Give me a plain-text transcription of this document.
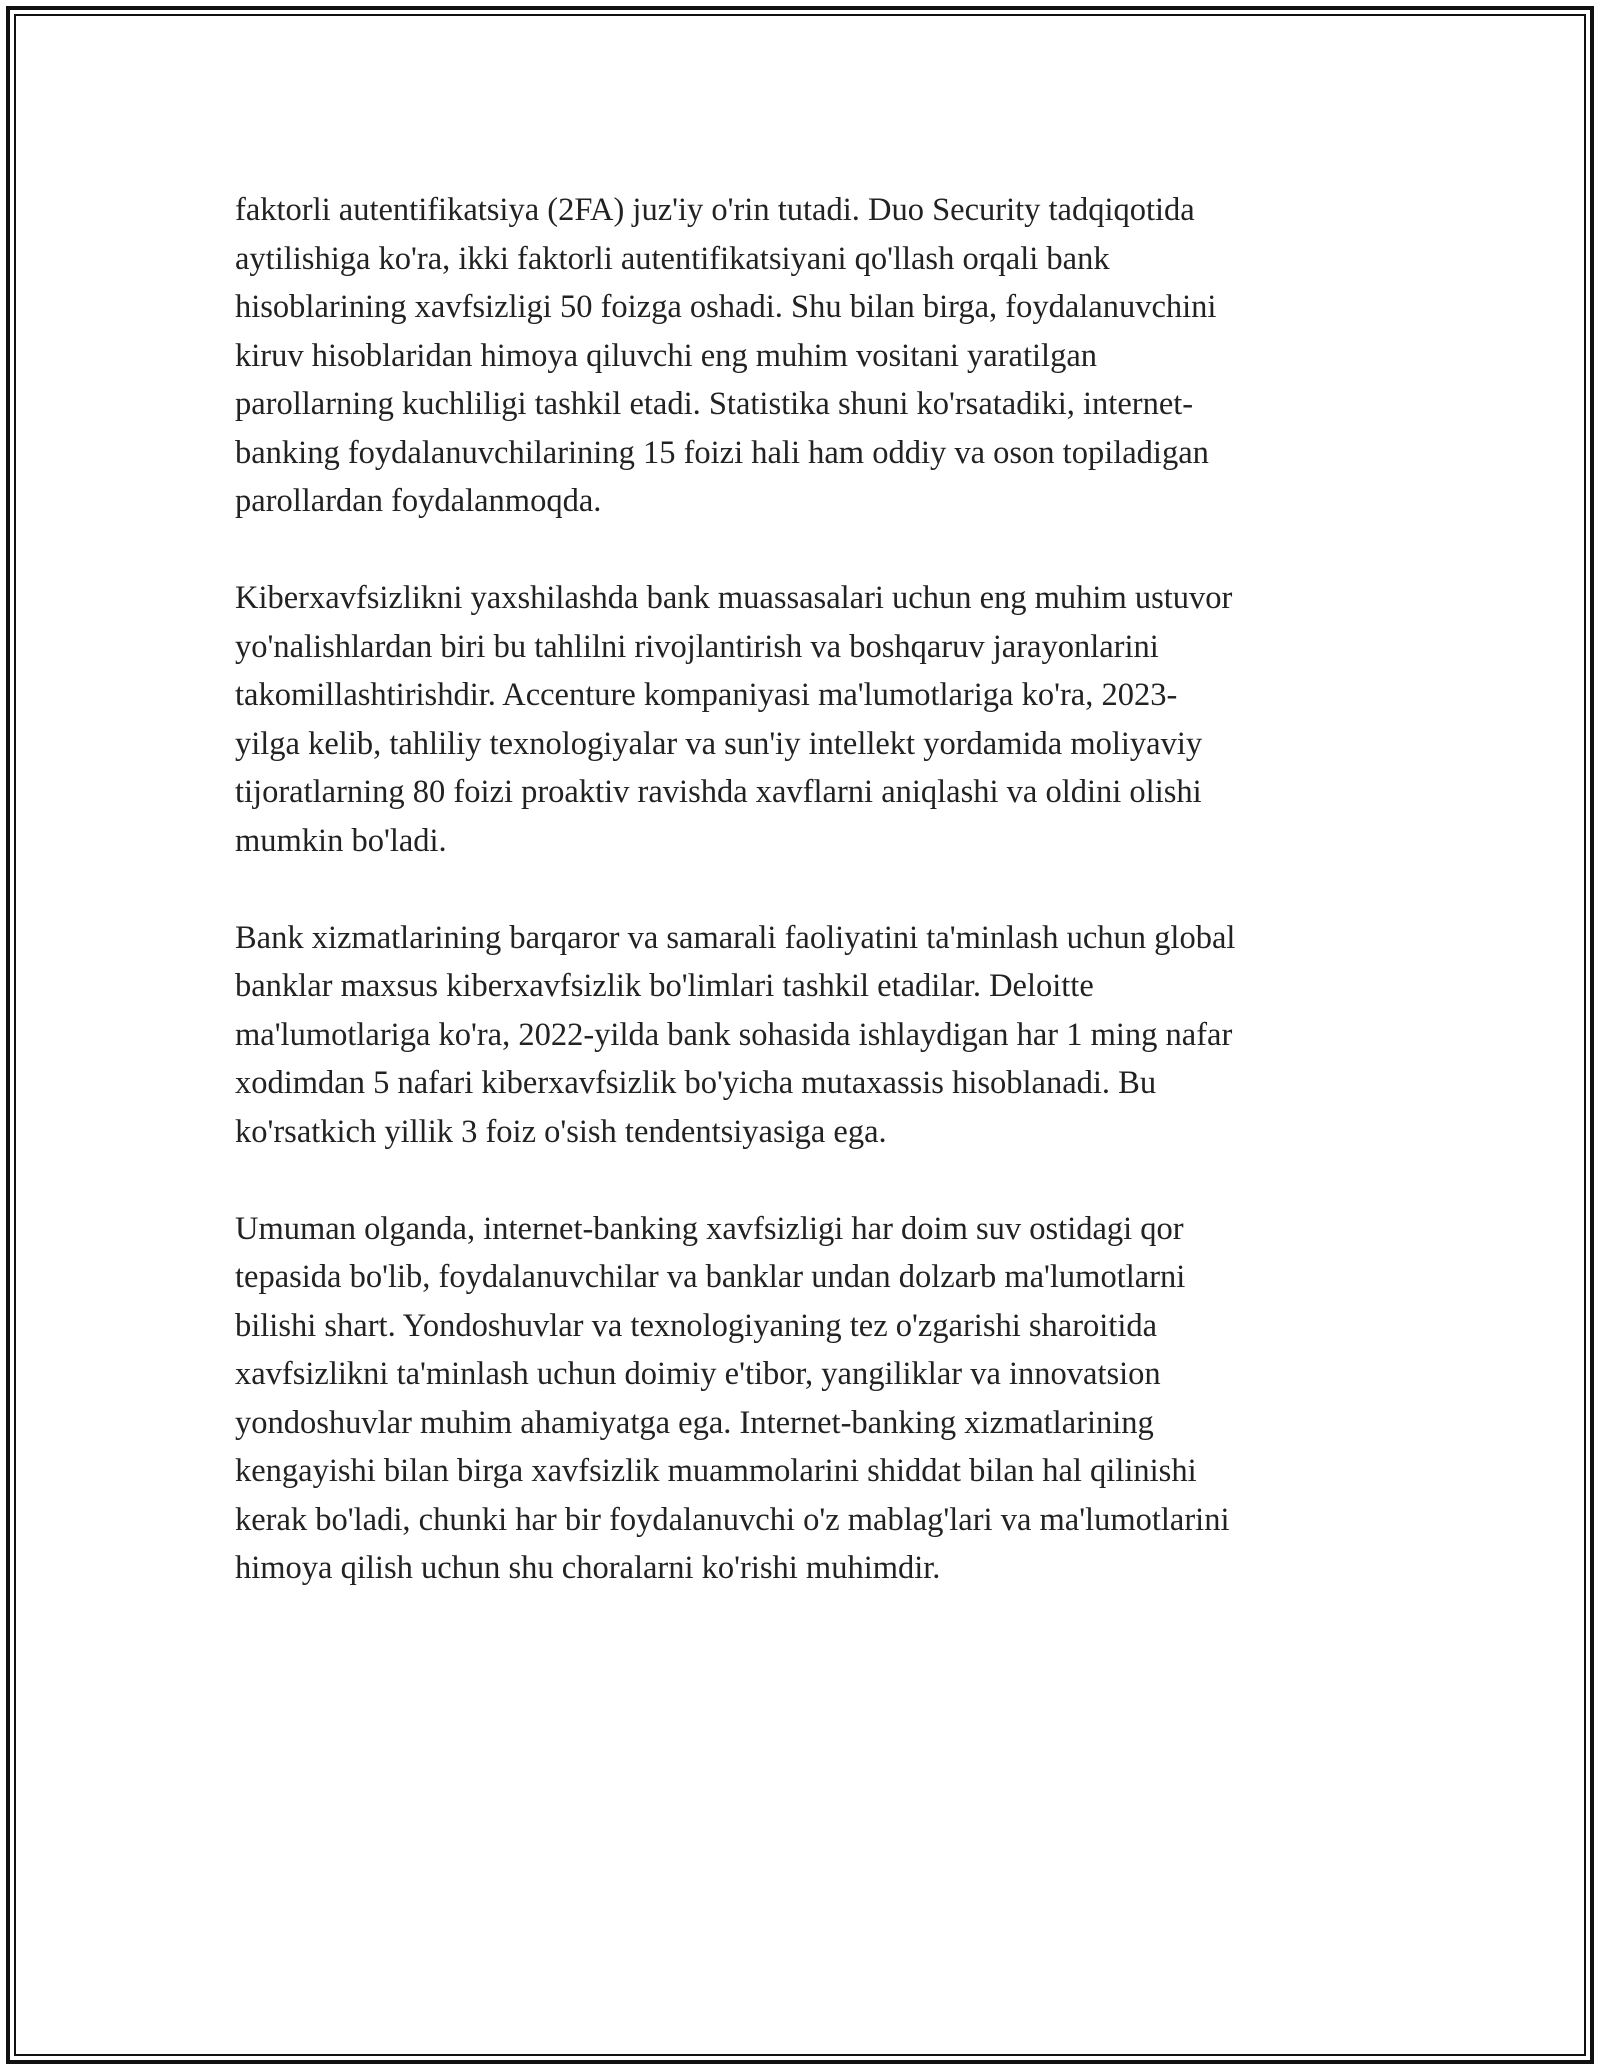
faktorli autentifikatsiya (2FA) juz'iy o'rin tutadi. Duo Security tadqiqotida
aytilishiga ko'ra, ikki faktorli autentifikatsiyani qo'llash orqali bank
hisoblarining xavfsizligi 50 foizga oshadi. Shu bilan birga, foydalanuvchini
kiruv hisoblaridan himoya qiluvchi eng muhim vositani yaratilgan
parollarning kuchliligi tashkil etadi. Statistika shuni ko'rsatadiki, internet-
banking foydalanuvchilarining 15 foizi hali ham oddiy va oson topiladigan
parollardan foydalanmoqda.

Kiberxavfsizlikni yaxshilashda bank muassasalari uchun eng muhim ustuvor
yo'nalishlardan biri bu tahlilni rivojlantirish va boshqaruv jarayonlarini
takomillashtirishdir. Accenture kompaniyasi ma'lumotlariga ko'ra, 2023-
yilga kelib, tahliliy texnologiyalar va sun'iy intellekt yordamida moliyaviy
tijoratlarning 80 foizi proaktiv ravishda xavflarni aniqlashi va oldini olishi
mumkin bo'ladi.

Bank xizmatlarining barqaror va samarali faoliyatini ta'minlash uchun global
banklar maxsus kiberxavfsizlik bo'limlari tashkil etadilar. Deloitte
ma'lumotlariga ko'ra, 2022-yilda bank sohasida ishlaydigan har 1 ming nafar
xodimdan 5 nafari kiberxavfsizlik bo'yicha mutaxassis hisoblanadi. Bu
ko'rsatkich yillik 3 foiz o'sish tendentsiyasiga ega.

Umuman olganda, internet-banking xavfsizligi har doim suv ostidagi qor
tepasida bo'lib, foydalanuvchilar va banklar undan dolzarb ma'lumotlarni
bilishi shart. Yondoshuvlar va texnologiyaning tez o'zgarishi sharoitida
xavfsizlikni ta'minlash uchun doimiy e'tibor, yangiliklar va innovatsion
yondoshuvlar muhim ahamiyatga ega. Internet-banking xizmatlarining
kengayishi bilan birga xavfsizlik muammolarini shiddat bilan hal qilinishi
kerak bo'ladi, chunki har bir foydalanuvchi o'z mablag'lari va ma'lumotlarini
himoya qilish uchun shu choralarni ko'rishi muhimdir.
